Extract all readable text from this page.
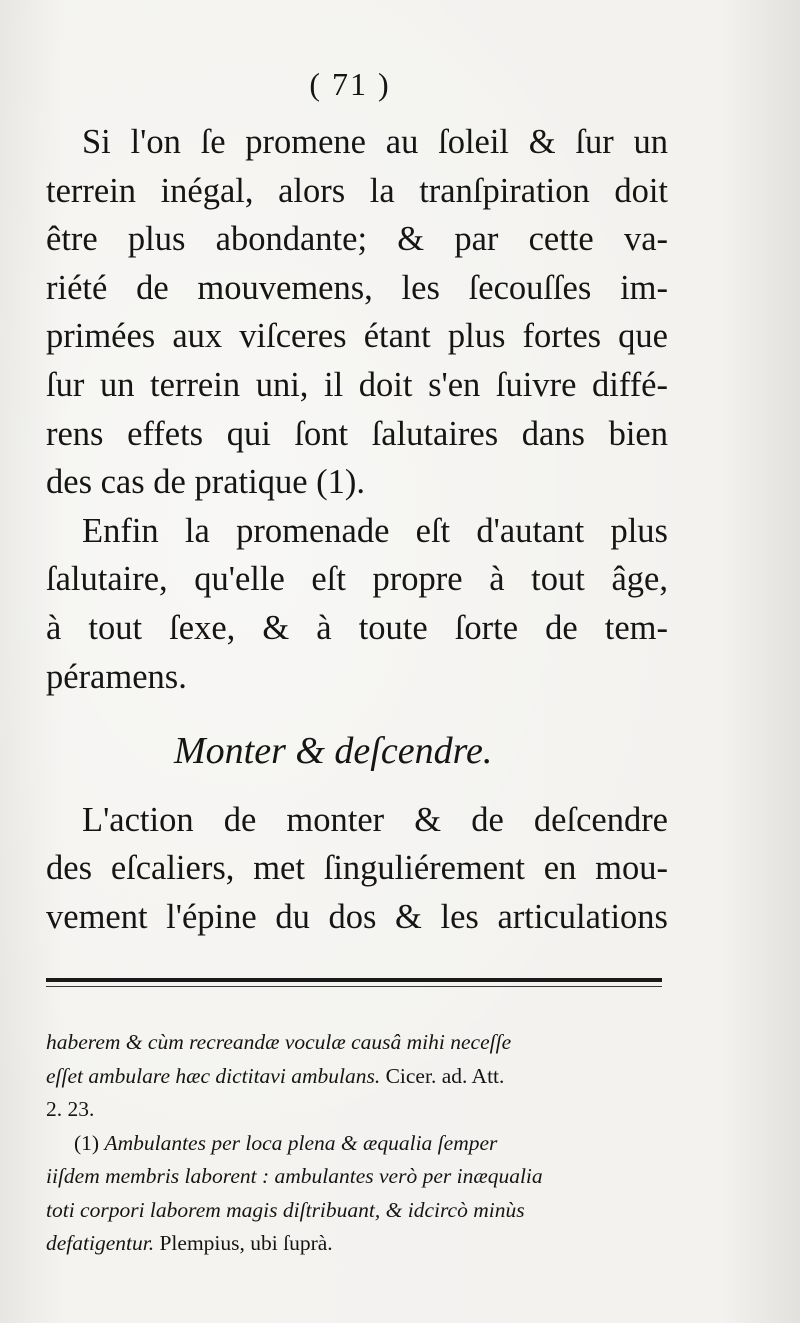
( 71 )
Si l'on ſe promene au ſoleil & ſur un
terrein inégal, alors la tranſpiration doit
être plus abondante; & par cette va-
riété de mouvemens, les ſecouſſes im-
primées aux viſceres étant plus fortes que
ſur un terrein uni, il doit s'en ſuivre diffé-
rens effets qui ſont ſalutaires dans bien
des cas de pratique (1).
Enfin la promenade eſt d'autant plus
ſalutaire, qu'elle eſt propre à tout âge,
à tout ſexe, & à toute ſorte de tem-
péramens.
Monter & deſcendre.
L'action de monter & de deſcendre
des eſcaliers, met ſinguliérement en mou-
vement l'épine du dos & les articulations
haberem & cùm recreandæ voculæ causâ mihi neceſſe
eſſet ambulare hæc dictitavi ambulans. Cicer. ad. Att.
2. 23.
(1) Ambulantes per loca plena & æqualia ſemper
iiſdem membris laborent : ambulantes verò per inæqualia
toti corpori laborem magis diſtribuant, & idcircò minùs
defatigentur. Plempius, ubi ſuprà.
